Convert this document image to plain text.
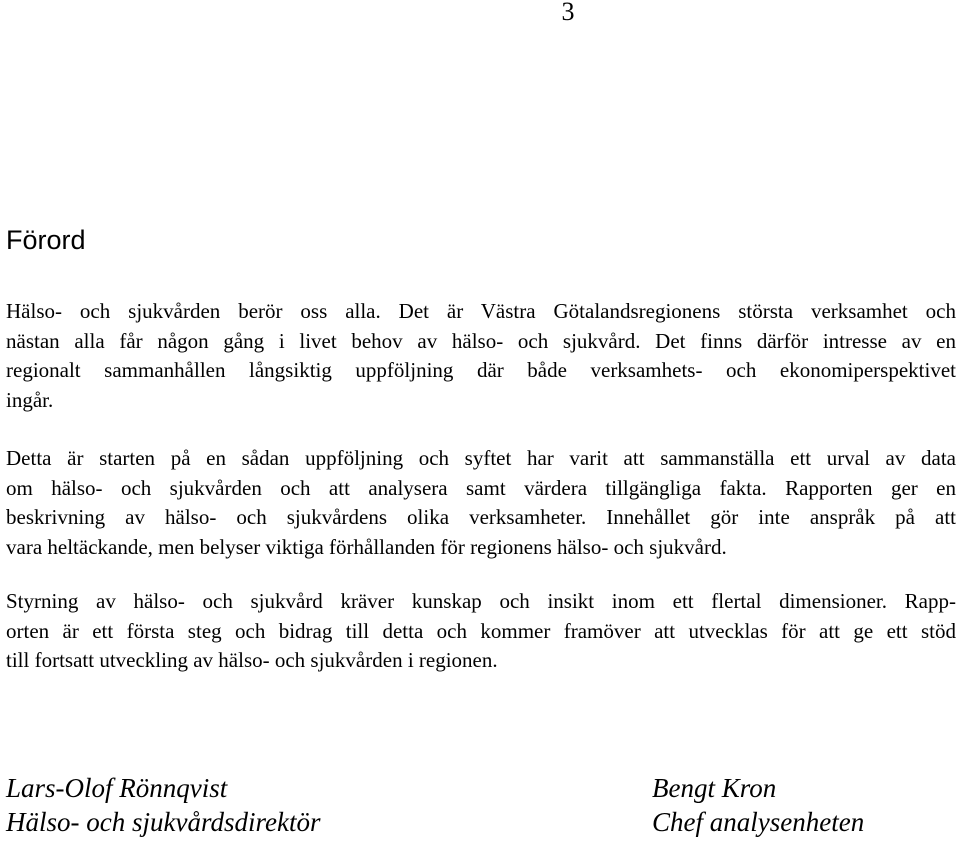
3
Förord

Hälso- och sjukvården berör oss alla. Det är Västra Götalandsregionens största verksamhet och
nästan alla får någon gång i livet behov av hälso- och sjukvård. Det finns därför intresse av en
regionalt sammanhållen långsiktig uppföljning där både verksamhets- och ekonomiperspektivet
ingår.

Detta är starten på en sådan uppföljning och syftet har varit att sammanställa ett urval av data
om hälso- och sjukvården och att analysera samt värdera tillgängliga fakta. Rapporten ger en
beskrivning av hälso- och sjukvårdens olika verksamheter. Innehållet gör inte anspråk på att
vara heltäckande, men belyser viktiga förhållanden för regionens hälso- och sjukvård.

Styrning av hälso- och sjukvård kräver kunskap och insikt inom ett flertal dimensioner. Rapp-
orten är ett första steg och bidrag till detta och kommer framöver att utvecklas för att ge ett stöd
till fortsatt utveckling av hälso- och sjukvården i regionen.

Lars-Olof Rönnqvist
Hälso- och sjukvårdsdirektör
Bengt Kron
Chef analysenheten
